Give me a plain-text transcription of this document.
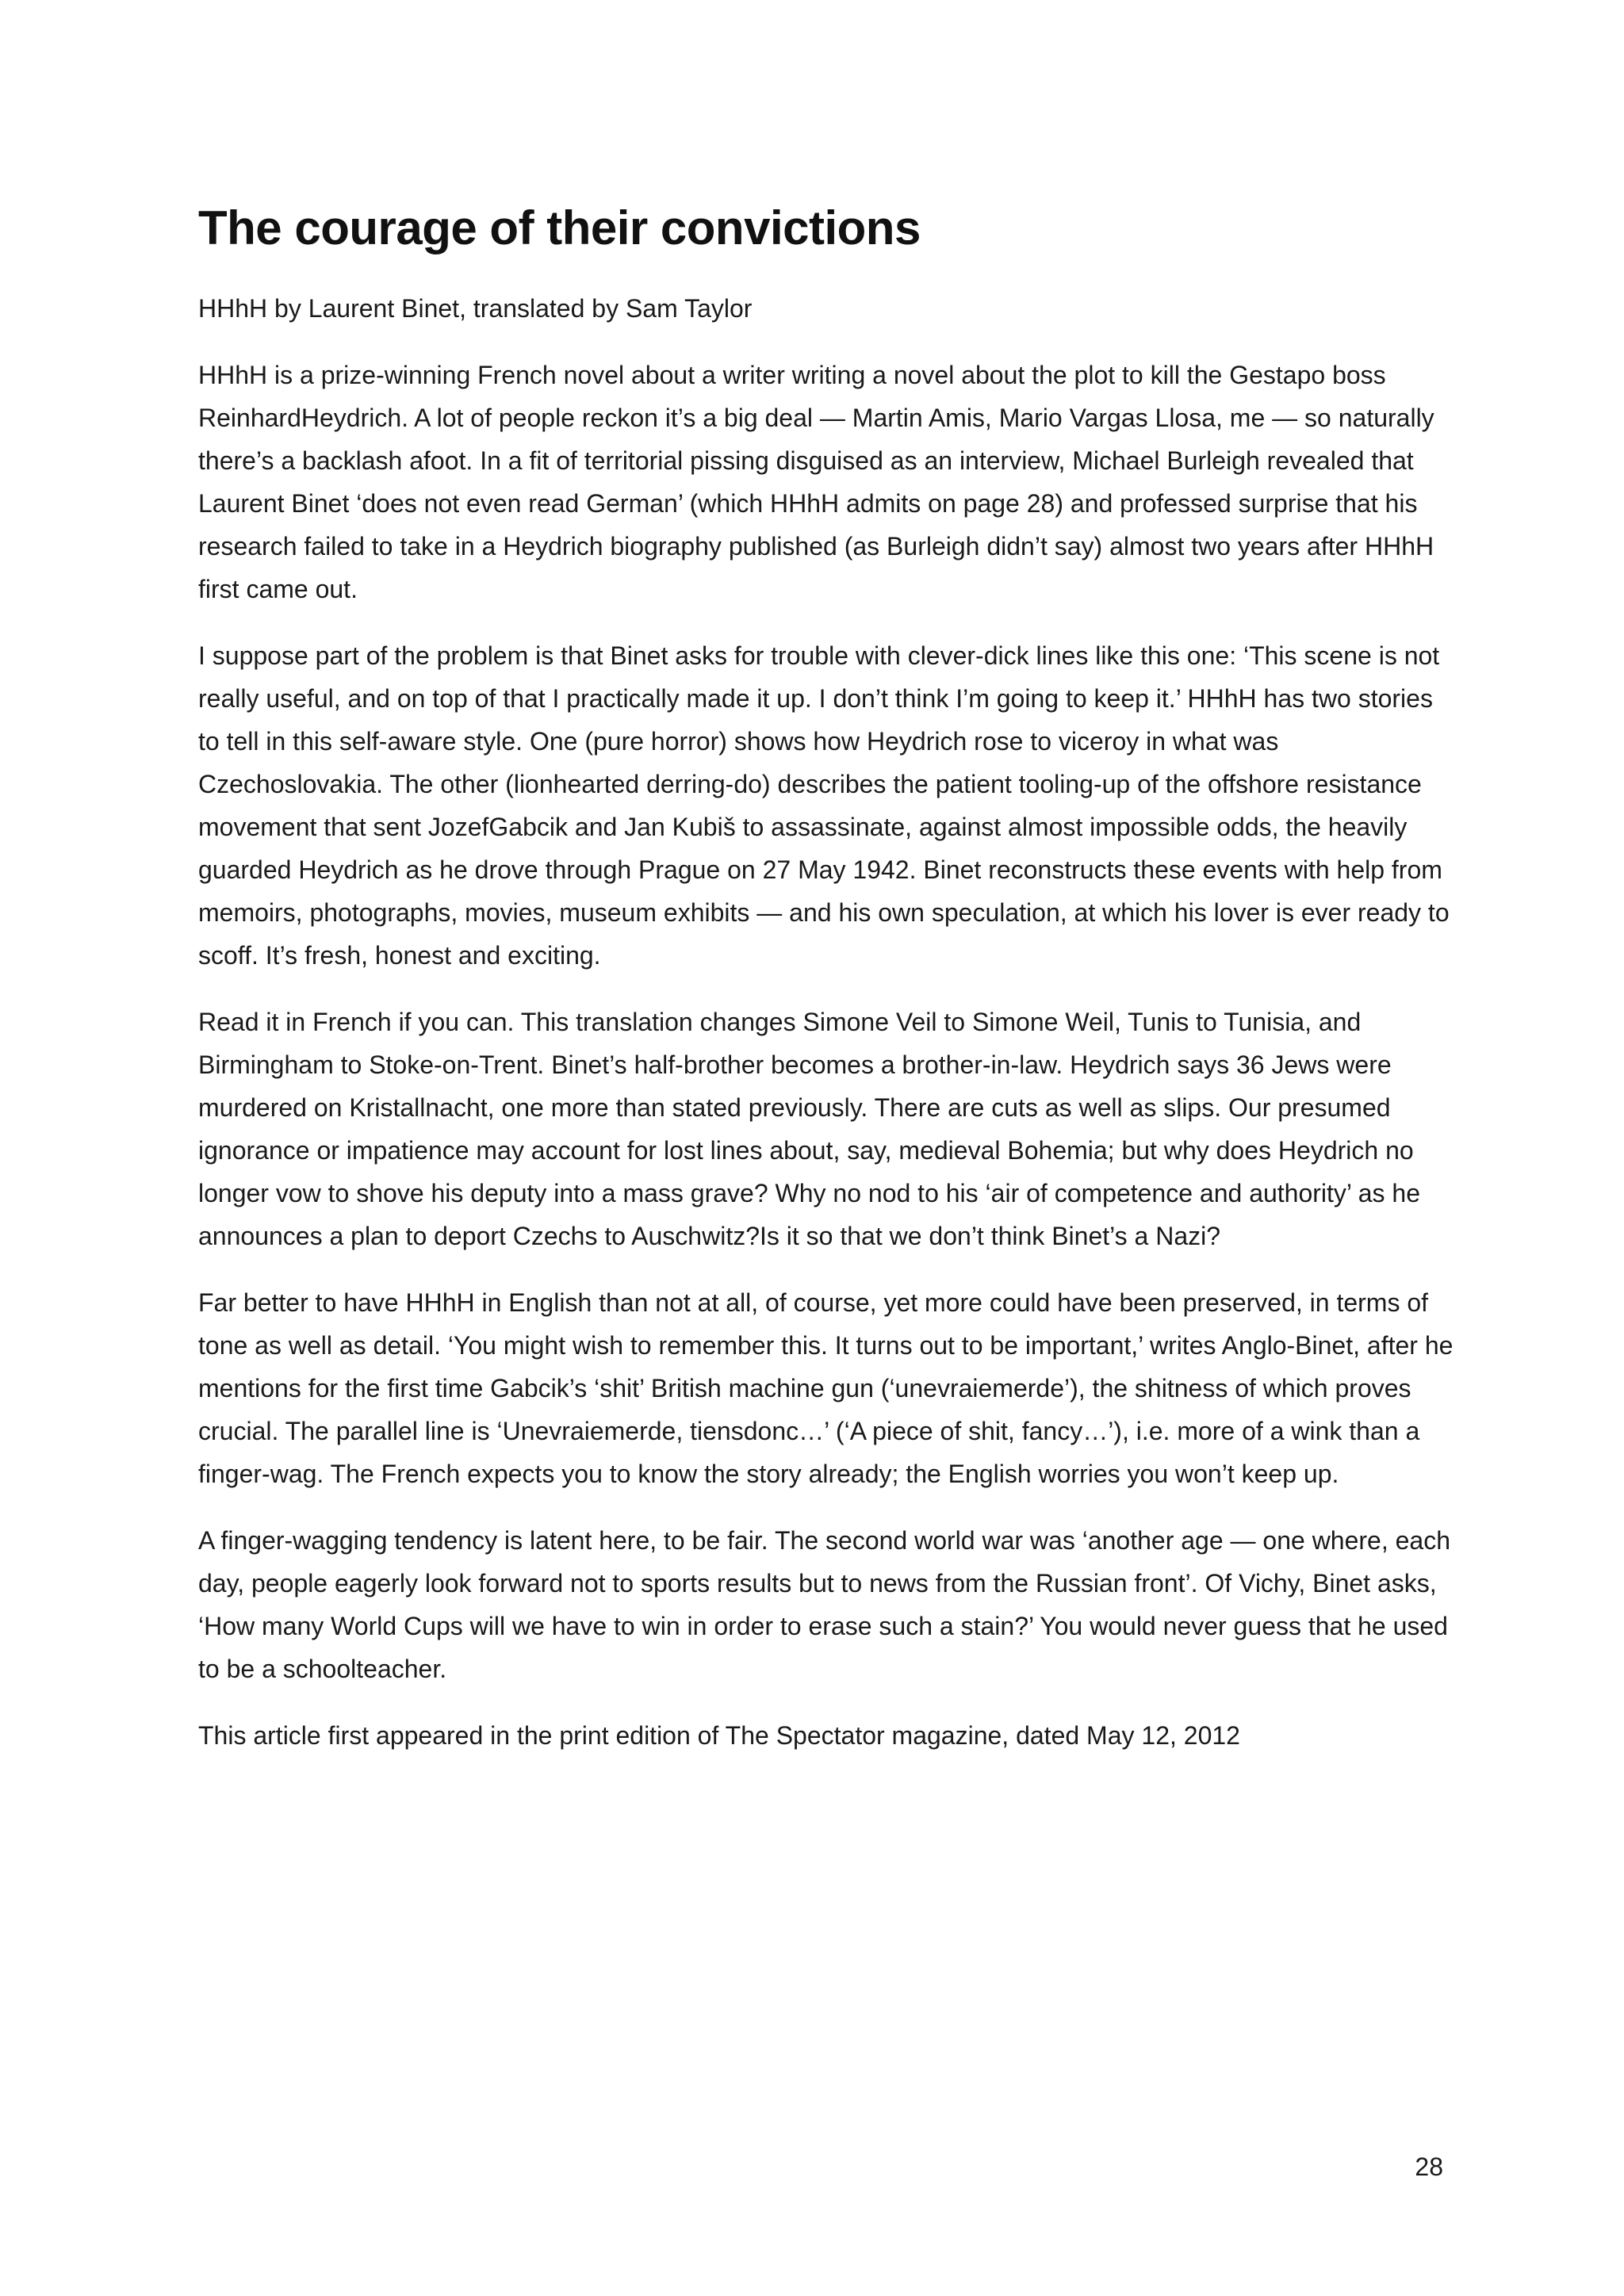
The courage of their convictions

HHhH by Laurent Binet, translated by Sam Taylor

HHhH is a prize-winning French novel about a writer writing a novel about the plot to kill the Gestapo boss ReinhardHeydrich. A lot of people reckon it’s a big deal — Martin Amis, Mario Vargas Llosa, me — so naturally there’s a backlash afoot. In a fit of territorial pissing disguised as an interview, Michael Burleigh revealed that Laurent Binet ‘does not even read German’ (which HHhH admits on page 28) and professed surprise that his research failed to take in a Heydrich biography published (as Burleigh didn’t say) almost two years after HHhH first came out.

I suppose part of the problem is that Binet asks for trouble with clever-dick lines like this one: ‘This scene is not really useful, and on top of that I practically made it up. I don’t think I’m going to keep it.’ HHhH has two stories to tell in this self-aware style. One (pure horror) shows how Heydrich rose to viceroy in what was Czechoslovakia. The other (lionhearted derring-do) describes the patient tooling-up of the offshore resistance movement that sent JozefGabcik and Jan Kubiš to assassinate, against almost impossible odds, the heavily guarded Heydrich as he drove through Prague on 27 May 1942. Binet reconstructs these events with help from memoirs, photographs, movies, museum exhibits — and his own speculation, at which his lover is ever ready to scoff. It’s fresh, honest and exciting.

Read it in French if you can. This translation changes Simone Veil to Simone Weil, Tunis to Tunisia, and Birmingham to Stoke-on-Trent. Binet’s half-brother becomes a brother-in-law. Heydrich says 36 Jews were murdered on Kristallnacht, one more than stated previously. There are cuts as well as slips. Our presumed ignorance or impatience may account for lost lines about, say, medieval Bohemia; but why does Heydrich no longer vow to shove his deputy into a mass grave? Why no nod to his ‘air of competence and authority’ as he announces a plan to deport Czechs to Auschwitz?Is it so that we don’t think Binet’s a Nazi?

Far better to have HHhH in English than not at all, of course, yet more could have been preserved, in terms of tone as well as detail. ‘You might wish to remember this. It turns out to be important,’ writes Anglo-Binet, after he mentions for the first time Gabcik’s ‘shit’ British machine gun (‘unevraiemerde’), the shitness of which proves crucial. The parallel line is ‘Unevraiemerde, tiensdonc…’ (‘A piece of shit, fancy…’), i.e. more of a wink than a finger-wag. The French expects you to know the story already; the English worries you won’t keep up.

A finger-wagging tendency is latent here, to be fair. The second world war was ‘another age — one where, each day, people eagerly look forward not to sports results but to news from the Russian front’. Of Vichy, Binet asks, ‘How many World Cups will we have to win in order to erase such a stain?’ You would never guess that he used to be a schoolteacher.

This article first appeared in the print edition of The Spectator magazine, dated May 12, 2012

28
